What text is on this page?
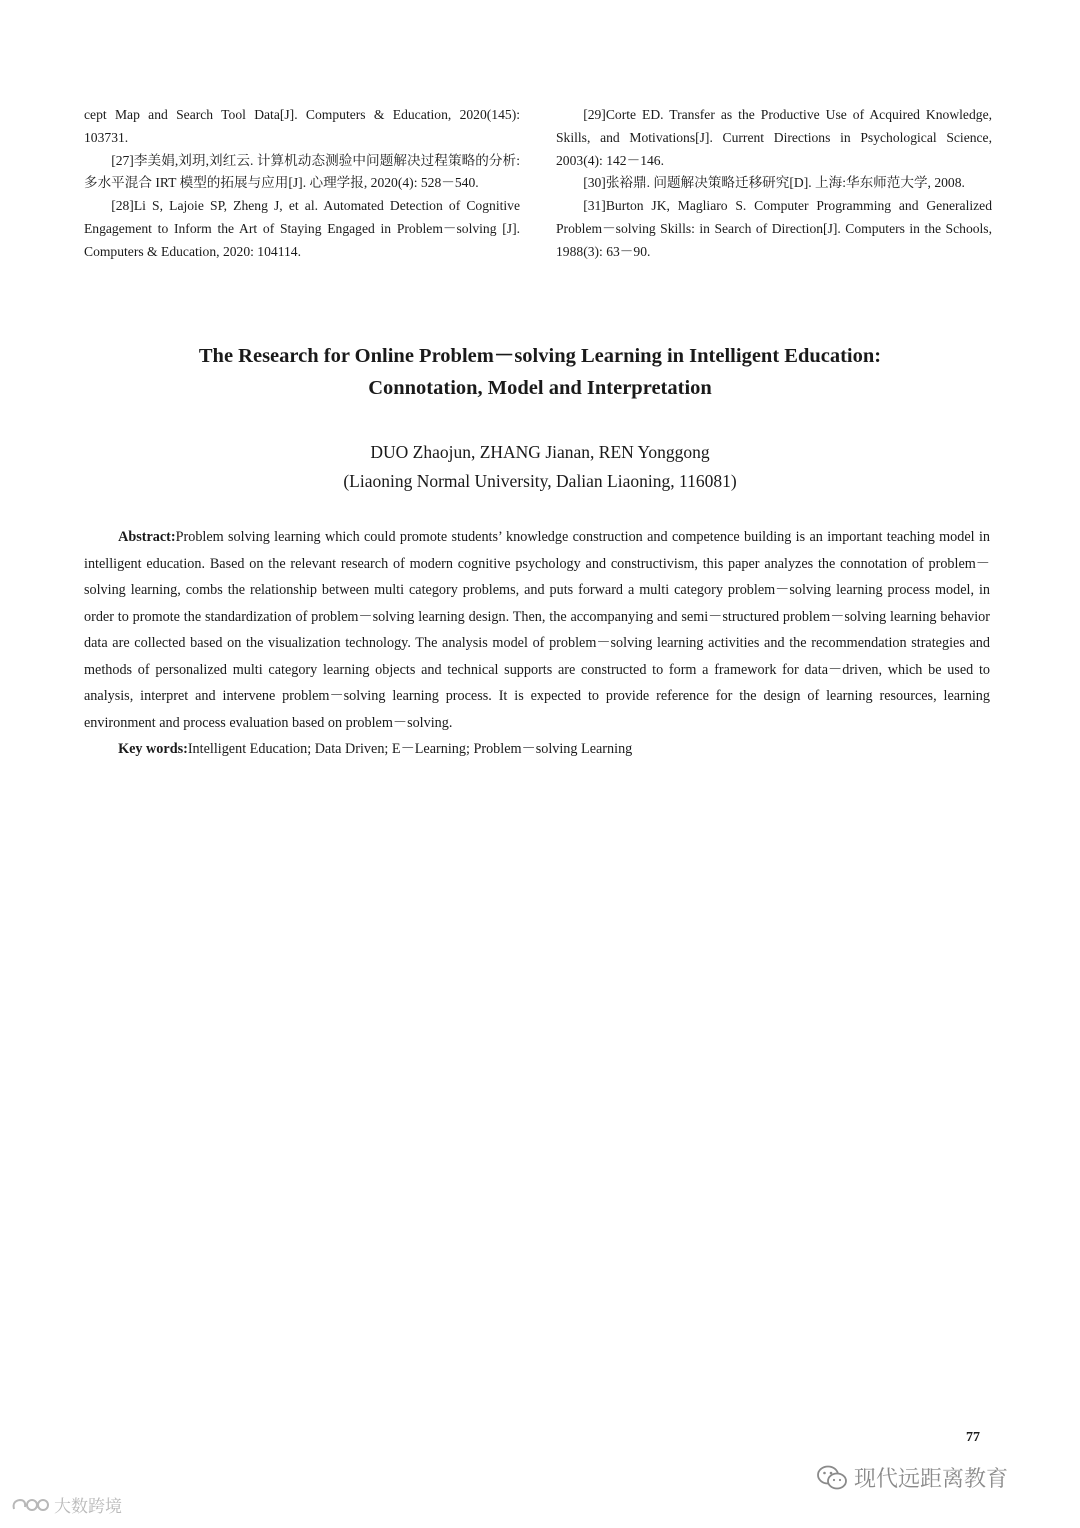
cept Map and Search Tool Data[J]. Computers & Education, 2020(145): 103731.

[27]李美娟,刘玥,刘红云. 计算机动态测验中问题解决过程策略的分析:多水平混合 IRT 模型的拓展与应用[J]. 心理学报, 2020(4): 528－540.

[28]Li S, Lajoie SP, Zheng J, et al. Automated Detection of Cognitive Engagement to Inform the Art of Staying Engaged in Problem－solving [J]. Computers & Education, 2020: 104114.

[29]Corte ED. Transfer as the Productive Use of Acquired Knowledge, Skills, and Motivations[J]. Current Directions in Psychological Science, 2003(4): 142－146.

[30]张裕鼎. 问题解决策略迁移研究[D]. 上海:华东师范大学, 2008.

[31]Burton JK, Magliaro S. Computer Programming and Generalized Problem－solving Skills: in Search of Direction[J]. Computers in the Schools, 1988(3): 63－90.

The Research for Online Problem－solving Learning in Intelligent Education:
Connotation, Model and Interpretation
DUO Zhaojun, ZHANG Jianan, REN Yonggong
(Liaoning Normal University, Dalian Liaoning, 116081)

Abstract:Problem solving learning which could promote students’ knowledge construction and competence building is an important teaching model in intelligent education. Based on the relevant research of modern cognitive psychology and constructivism, this paper analyzes the connotation of problem－solving learning, combs the relationship between multi category problems, and puts forward a multi category problem－solving learning process model, in order to promote the standardization of problem－solving learning design. Then, the accompanying and semi－structured problem－solving learning behavior data are collected based on the visualization technology. The analysis model of problem－solving learning activities and the recommendation strategies and methods of personalized multi category learning objects and technical supports are constructed to form a framework for data－driven, which be used to analysis, interpret and intervene problem－solving learning process. It is expected to provide reference for the design of learning resources, learning environment and process evaluation based on problem－solving.

Key words:Intelligent Education; Data Driven; E－Learning; Problem－solving Learning

77
现代远距离教育
大数跨境
